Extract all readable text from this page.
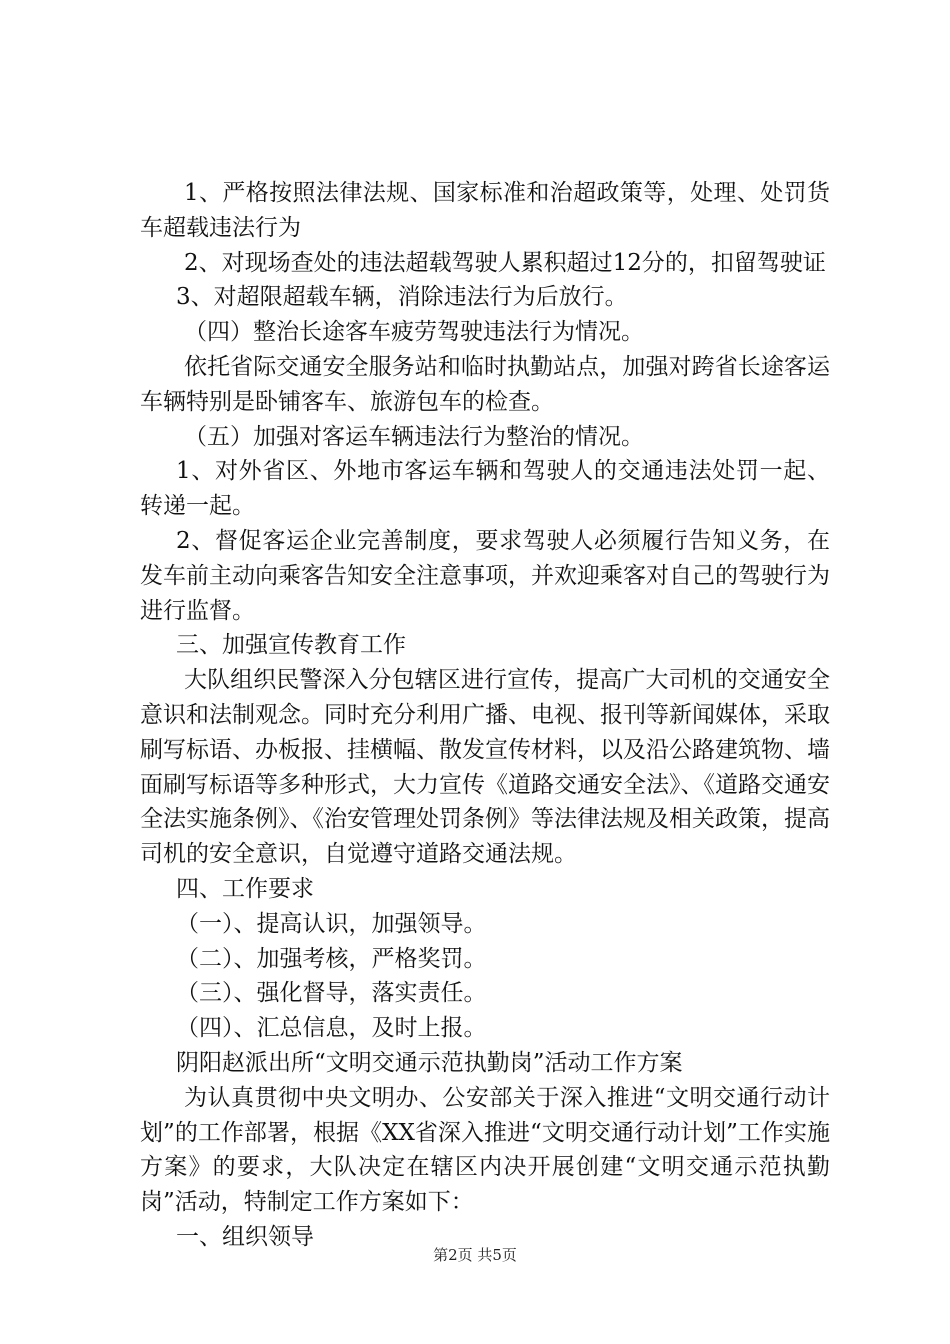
1、严格按照法律法规、国家标准和治超政策等，处理、处罚货车超载违法行为

2、对现场查处的违法超载驾驶人累积超过12分的，扣留驾驶证

3、对超限超载车辆，消除违法行为后放行。

（四）整治长途客车疲劳驾驶违法行为情况。

依托省际交通安全服务站和临时执勤站点，加强对跨省长途客运车辆特别是卧铺客车、旅游包车的检查。

（五）加强对客运车辆违法行为整治的情况。

1、对外省区、外地市客运车辆和驾驶人的交通违法处罚一起、转递一起。

2、督促客运企业完善制度，要求驾驶人必须履行告知义务，在发车前主动向乘客告知安全注意事项，并欢迎乘客对自己的驾驶行为进行监督。

三、加强宣传教育工作

大队组织民警深入分包辖区进行宣传，提高广大司机的交通安全意识和法制观念。同时充分利用广播、电视、报刊等新闻媒体，采取刷写标语、办板报、挂横幅、散发宣传材料，以及沿公路建筑物、墙面刷写标语等多种形式，大力宣传《道路交通安全法》、《道路交通安全法实施条例》、《治安管理处罚条例》等法律法规及相关政策，提高司机的安全意识，自觉遵守道路交通法规。

四、工作要求

（一）、提高认识，加强领导。

（二）、加强考核，严格奖罚。

（三）、强化督导，落实责任。

（四）、汇总信息，及时上报。

阴阳赵派出所“文明交通示范执勤岗”活动工作方案

为认真贯彻中央文明办、公安部关于深入推进“文明交通行动计划”的工作部署，根据《XX省深入推进“文明交通行动计划”工作实施方案》的要求，大队决定在辖区内决开展创建“文明交通示范执勤岗”活动，特制定工作方案如下：

一、组织领导

第2页 共5页
